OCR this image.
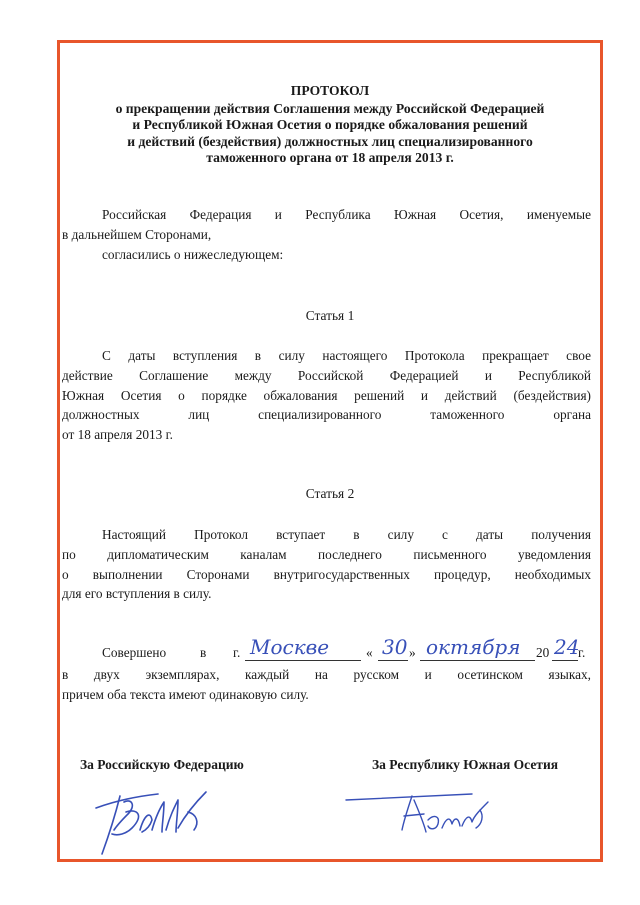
ПРОТОКОЛ
о прекращении действия Соглашения между Российской Федерацией
и Республикой Южная Осетия о порядке обжалования решений
и действий (бездействия) должностных лиц специализированного
таможенного органа от 18 апреля 2013 г.
Российская Федерация и Республика Южная Осетия, именуемые
в дальнейшем Сторонами,
согласились о нижеследующем:
Статья 1
С даты вступления в силу настоящего Протокола прекращает свое
действие Соглашение между Российской Федерацией и Республикой
Южная Осетия о порядке обжалования решений и действий (бездействия)
должностных лиц специализированного таможенного органа
от 18 апреля 2013 г.
Статья 2
Настоящий Протокол вступает в силу с даты получения
по дипломатическим каналам последнего письменного уведомления
о выполнении Сторонами внутригосударственных процедур, необходимых
для его вступления в силу.
Совершено	в г. Москве	« 30 » октября 20 24
г.
в двух экземплярах, каждый на русском и осетинском языках,
причем оба текста имеют одинаковую силу.
За Российскую Федерацию	За Республику Южная Осетия
